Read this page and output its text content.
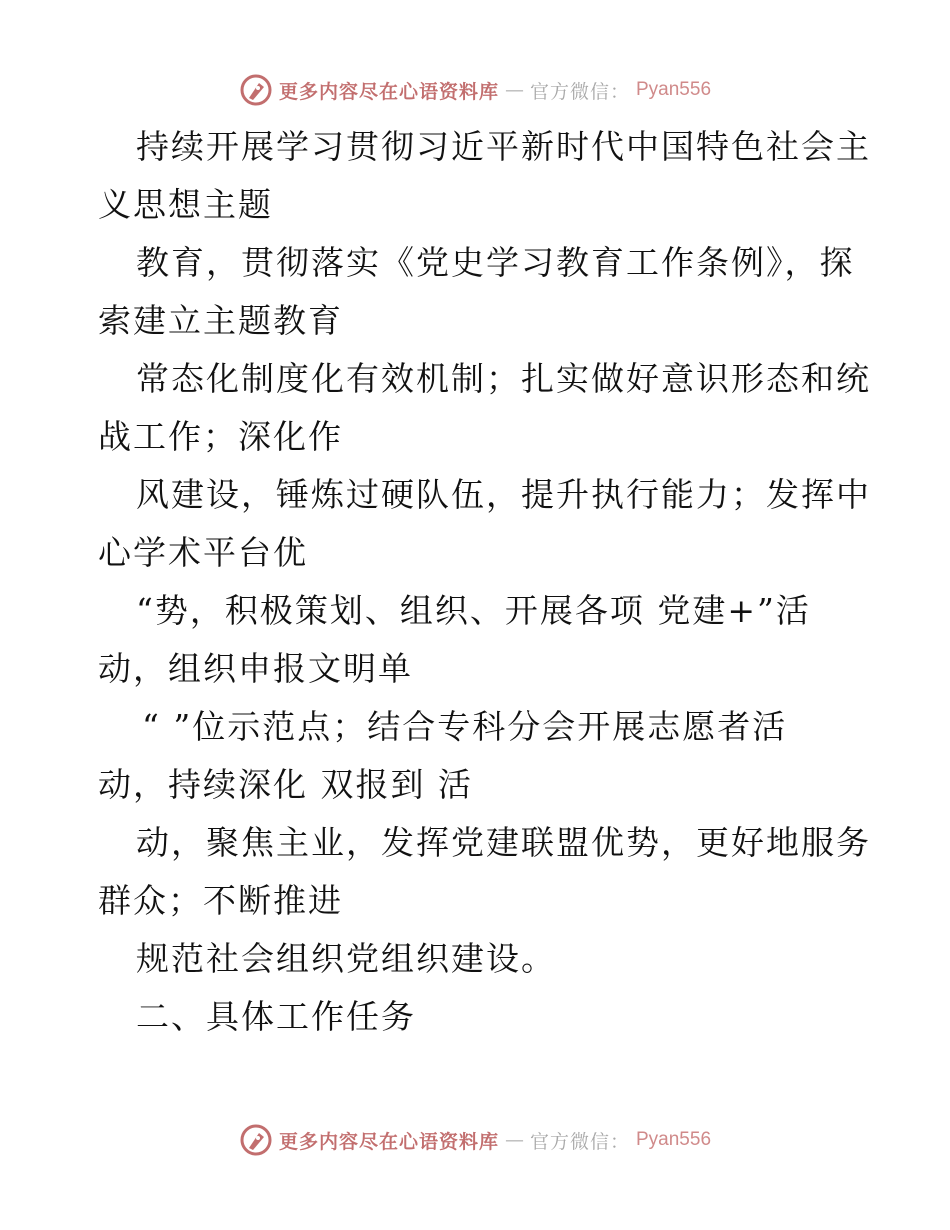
更多内容尽在心语资料库 — 官方微信： Pyan556

持续开展学习贯彻习近平新时代中国特色社会主

义思想主题

教育，贯彻落实《党史学习教育工作条例》，探

索建立主题教育

常态化制度化有效机制；扎实做好意识形态和统

战工作；深化作

风建设，锤炼过硬队伍，提升执行能力；发挥中

心学术平台优

“势，积极策划、组织、开展各项 党建+”活

动，组织申报文明单

“ ”位示范点；结合专科分会开展志愿者活

动，持续深化 双报到 活

动，聚焦主业，发挥党建联盟优势，更好地服务

群众；不断推进

规范社会组织党组织建设。

二、具体工作任务

更多内容尽在心语资料库 — 官方微信： Pyan556
